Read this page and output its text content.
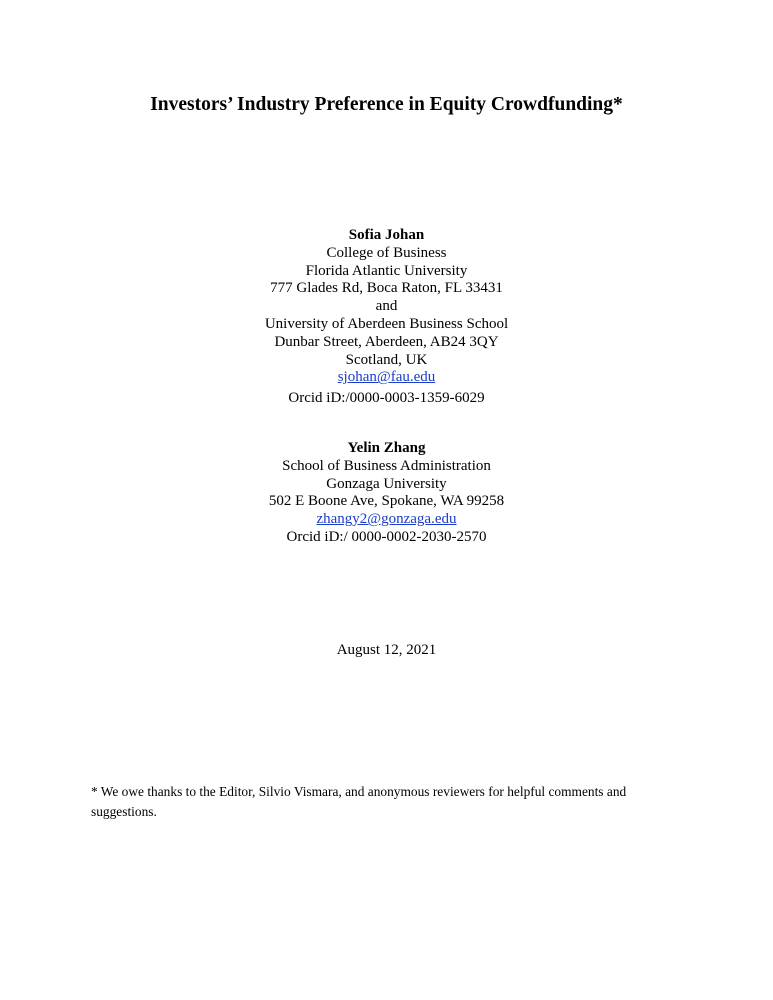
Investors’ Industry Preference in Equity Crowdfunding*
Sofia Johan
College of Business
Florida Atlantic University
777 Glades Rd, Boca Raton, FL 33431
and
University of Aberdeen Business School
Dunbar Street, Aberdeen, AB24 3QY
Scotland, UK
sjohan@fau.edu
Orcid iD:/0000-0003-1359-6029
Yelin Zhang
School of Business Administration
Gonzaga University
502 E Boone Ave, Spokane, WA 99258
zhangy2@gonzaga.edu
Orcid iD:/ 0000-0002-2030-2570
August 12, 2021
* We owe thanks to the Editor, Silvio Vismara, and anonymous reviewers for helpful comments and suggestions.
